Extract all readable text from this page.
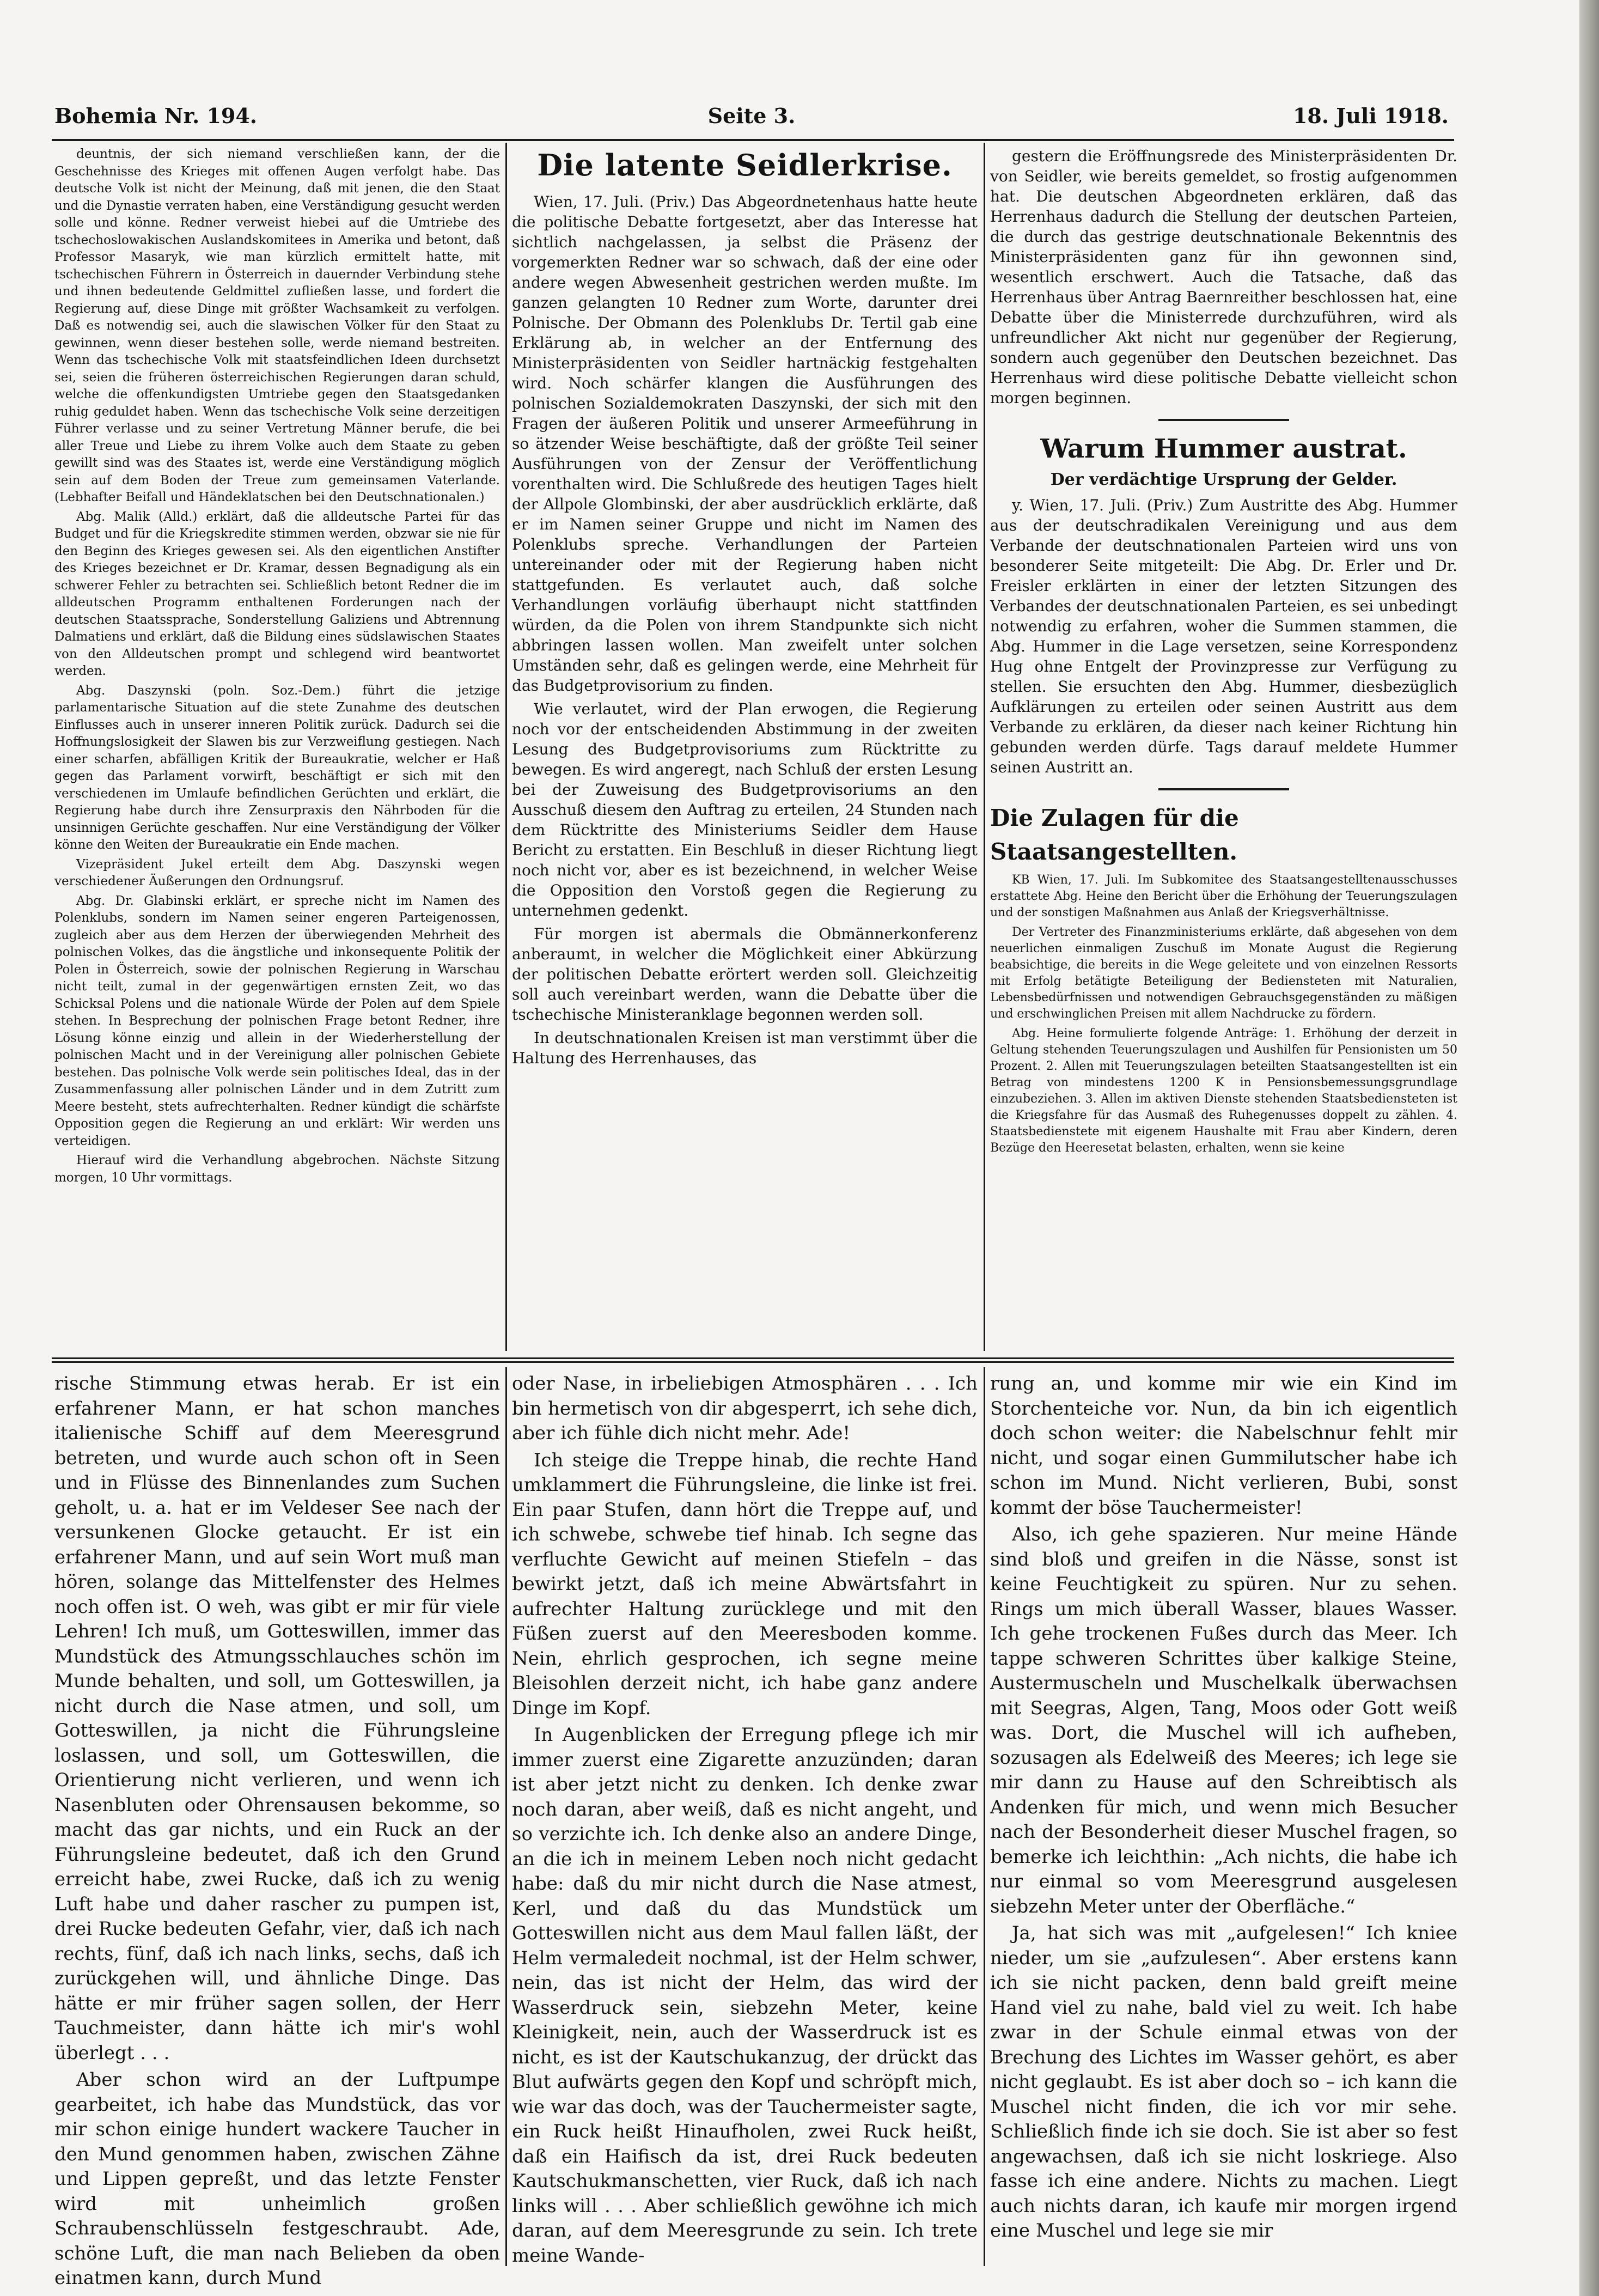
Bohemia Nr. 194.	Seite 3.	18. Juli 1918.

deuntnis, der sich niemand verschließen kann, der die Geschehnisse des Krieges mit offenen Augen verfolgt habe. Das deutsche Volk ist nicht der Meinung, daß mit jenen, die den Staat und die Dynastie verraten haben, eine Verständigung gesucht werden solle und könne. Redner verweist hiebei auf die Umtriebe des tschechoslowakischen Auslandskomitees in Amerika und betont, daß Professor Masaryk, wie man kürzlich ermittelt hatte, mit tschechischen Führern in Österreich in dauernder Verbindung stehe und ihnen bedeutende Geldmittel zufließen lasse, und fordert die Regierung auf, diese Dinge mit größter Wachsamkeit zu verfolgen. Daß es notwendig sei, auch die slawischen Völker für den Staat zu gewinnen, wenn dieser bestehen solle, werde niemand bestreiten. Wenn das tschechische Volk mit staatsfeindlichen Ideen durchsetzt sei, seien die früheren österreichischen Regierungen daran schuld, welche die offenkundigsten Umtriebe gegen den Staatsgedanken ruhig geduldet haben. Wenn das tschechische Volk seine derzeitigen Führer verlasse und zu seiner Vertretung Männer berufe, die bei aller Treue und Liebe zu ihrem Volke auch dem Staate zu geben gewillt sind was des Staates ist, werde eine Verständigung möglich sein auf dem Boden der Treue zum gemeinsamen Vaterlande. (Lebhafter Beifall und Händeklatschen bei den Deutschnationalen.)

Abg. Malik (Alld.) erklärt, daß die alldeutsche Partei für das Budget und für die Kriegskredite stimmen werden, obzwar sie nie für den Beginn des Krieges gewesen sei. Als den eigentlichen Anstifter des Krieges bezeichnet er Dr. Kramar, dessen Begnadigung als ein schwerer Fehler zu betrachten sei. Schließlich betont Redner die im alldeutschen Programm enthaltenen Forderungen nach der deutschen Staatssprache, Sonderstellung Galiziens und Abtrennung Dalmatiens und erklärt, daß die Bildung eines südslawischen Staates von den Alldeutschen prompt und schlegend wird beantwortet werden.

Abg. Daszynski (poln. Soz.-Dem.) führt die jetzige parlamentarische Situation auf die stete Zunahme des deutschen Einflusses auch in unserer inneren Politik zurück. Dadurch sei die Hoffnungslosigkeit der Slawen bis zur Verzweiflung gestiegen. Nach einer scharfen, abfälligen Kritik der Bureaukratie, welcher er Haß gegen das Parlament vorwirft, beschäftigt er sich mit den verschiedenen im Umlaufe befindlichen Gerüchten und erklärt, die Regierung habe durch ihre Zensurpraxis den Nährboden für die unsinnigen Gerüchte geschaffen. Nur eine Verständigung der Völker könne den Weiten der Bureaukratie ein Ende machen.

Vizepräsident Jukel erteilt dem Abg. Daszynski wegen verschiedener Äußerungen den Ordnungsruf.

Abg. Dr. Glabinski erklärt, er spreche nicht im Namen des Polenklubs, sondern im Namen seiner engeren Parteigenossen, zugleich aber aus dem Herzen der überwiegenden Mehrheit des polnischen Volkes, das die ängstliche und inkonsequente Politik der Polen in Österreich, sowie der polnischen Regierung in Warschau nicht teilt, zumal in der gegenwärtigen ernsten Zeit, wo das Schicksal Polens und die nationale Würde der Polen auf dem Spiele stehen. In Besprechung der polnischen Frage betont Redner, ihre Lösung könne einzig und allein in der Wiederherstellung der polnischen Macht und in der Vereinigung aller polnischen Gebiete bestehen. Das polnische Volk werde sein politisches Ideal, das in der Zusammenfassung aller polnischen Länder und in dem Zutritt zum Meere besteht, stets aufrechterhalten. Redner kündigt die schärfste Opposition gegen die Regierung an und erklärt: Wir werden uns verteidigen.

Hierauf wird die Verhandlung abgebrochen. Nächste Sitzung morgen, 10 Uhr vormittags.

Die latente Seidlerkrise.

Wien, 17. Juli. (Priv.) Das Abgeordnetenhaus hatte heute die politische Debatte fortgesetzt, aber das Interesse hat sichtlich nachgelassen, ja selbst die Präsenz der vorgemerkten Redner war so schwach, daß der eine oder andere wegen Abwesenheit gestrichen werden mußte. Im ganzen gelangten 10 Redner zum Worte, darunter drei Polnische. Der Obmann des Polenklubs Dr. Tertil gab eine Erklärung ab, in welcher an der Entfernung des Ministerpräsidenten von Seidler hartnäckig festgehalten wird. Noch schärfer klangen die Ausführungen des polnischen Sozialdemokraten Daszynski, der sich mit den Fragen der äußeren Politik und unserer Armeeführung in so ätzender Weise beschäftigte, daß der größte Teil seiner Ausführungen von der Zensur der Veröffentlichung vorenthalten wird. Die Schlußrede des heutigen Tages hielt der Allpole Glombinski, der aber ausdrücklich erklärte, daß er im Namen seiner Gruppe und nicht im Namen des Polenklubs spreche. Verhandlungen der Parteien untereinander oder mit der Regierung haben nicht stattgefunden. Es verlautet auch, daß solche Verhandlungen vorläufig überhaupt nicht stattfinden würden, da die Polen von ihrem Standpunkte sich nicht abbringen lassen wollen. Man zweifelt unter solchen Umständen sehr, daß es gelingen werde, eine Mehrheit für das Budgetprovisorium zu finden.

Wie verlautet, wird der Plan erwogen, die Regierung noch vor der entscheidenden Abstimmung in der zweiten Lesung des Budgetprovisoriums zum Rücktritte zu bewegen. Es wird angeregt, nach Schluß der ersten Lesung bei der Zuweisung des Budgetprovisoriums an den Ausschuß diesem den Auftrag zu erteilen, 24 Stunden nach dem Rücktritte des Ministeriums Seidler dem Hause Bericht zu erstatten. Ein Beschluß in dieser Richtung liegt noch nicht vor, aber es ist bezeichnend, in welcher Weise die Opposition den Vorstoß gegen die Regierung zu unternehmen gedenkt.

Für morgen ist abermals die Obmännerkonferenz anberaumt, in welcher die Möglichkeit einer Abkürzung der politischen Debatte erörtert werden soll. Gleichzeitig soll auch vereinbart werden, wann die Debatte über die tschechische Ministeranklage begonnen werden soll.

In deutschnationalen Kreisen ist man verstimmt über die Haltung des Herrenhauses, das

gestern die Eröffnungsrede des Ministerpräsidenten Dr. von Seidler, wie bereits gemeldet, so frostig aufgenommen hat. Die deutschen Abgeordneten erklären, daß das Herrenhaus dadurch die Stellung der deutschen Parteien, die durch das gestrige deutschnationale Bekenntnis des Ministerpräsidenten ganz für ihn gewonnen sind, wesentlich erschwert. Auch die Tatsache, daß das Herrenhaus über Antrag Baernreither beschlossen hat, eine Debatte über die Ministerrede durchzuführen, wird als unfreundlicher Akt nicht nur gegenüber der Regierung, sondern auch gegenüber den Deutschen bezeichnet. Das Herrenhaus wird diese politische Debatte vielleicht schon morgen beginnen.

Warum Hummer austrat.
Der verdächtige Ursprung der Gelder.

y. Wien, 17. Juli. (Priv.) Zum Austritte des Abg. Hummer aus der deutschradikalen Vereinigung und aus dem Verbande der deutschnationalen Parteien wird uns von besonderer Seite mitgeteilt: Die Abg. Dr. Erler und Dr. Freisler erklärten in einer der letzten Sitzungen des Verbandes der deutschnationalen Parteien, es sei unbedingt notwendig zu erfahren, woher die Summen stammen, die Abg. Hummer in die Lage versetzen, seine Korrespondenz Hug ohne Entgelt der Provinzpresse zur Verfügung zu stellen. Sie ersuchten den Abg. Hummer, diesbezüglich Aufklärungen zu erteilen oder seinen Austritt aus dem Verbande zu erklären, da dieser nach keiner Richtung hin gebunden werden dürfe. Tags darauf meldete Hummer seinen Austritt an.

Die Zulagen für die Staatsangestellten.

KB Wien, 17. Juli. Im Subkomitee des Staatsangestelltenausschusses erstattete Abg. Heine den Bericht über die Erhöhung der Teuerungszulagen und der sonstigen Maßnahmen aus Anlaß der Kriegsverhältnisse.

Der Vertreter des Finanzministeriums erklärte, daß abgesehen von dem neuerlichen einmaligen Zuschuß im Monate August die Regierung beabsichtige, die bereits in die Wege geleitete und von einzelnen Ressorts mit Erfolg betätigte Beteiligung der Bediensteten mit Naturalien, Lebensbedürfnissen und notwendigen Gebrauchsgegenständen zu mäßigen und erschwinglichen Preisen mit allem Nachdrucke zu fördern.

Abg. Heine formulierte folgende Anträge: 1. Erhöhung der derzeit in Geltung stehenden Teuerungszulagen und Aushilfen für Pensionisten um 50 Prozent. 2. Allen mit Teuerungszulagen beteilten Staatsangestellten ist ein Betrag von mindestens 1200 K in Pensionsbemessungsgrundlage einzubeziehen. 3. Allen im aktiven Dienste stehenden Staatsbediensteten ist die Kriegsfahre für das Ausmaß des Ruhegenusses doppelt zu zählen. 4. Staatsbedienstete mit eigenem Haushalte mit Frau aber Kindern, deren Bezüge den Heeresetat belasten, erhalten, wenn sie keine

rische Stimmung etwas herab. Er ist ein erfahrener Mann, er hat schon manches italienische Schiff auf dem Meeresgrund betreten, und wurde auch schon oft in Seen und in Flüsse des Binnenlandes zum Suchen geholt, u. a. hat er im Veldeser See nach der versunkenen Glocke getaucht. Er ist ein erfahrener Mann, und auf sein Wort muß man hören, solange das Mittelfenster des Helmes noch offen ist. O weh, was gibt er mir für viele Lehren! Ich muß, um Gotteswillen, immer das Mundstück des Atmungsschlauches schön im Munde behalten, und soll, um Gotteswillen, ja nicht durch die Nase atmen, und soll, um Gotteswillen, ja nicht die Führungsleine loslassen, und soll, um Gotteswillen, die Orientierung nicht verlieren, und wenn ich Nasenbluten oder Ohrensausen bekomme, so macht das gar nichts, und ein Ruck an der Führungsleine bedeutet, daß ich den Grund erreicht habe, zwei Rucke, daß ich zu wenig Luft habe und daher rascher zu pumpen ist, drei Rucke bedeuten Gefahr, vier, daß ich nach rechts, fünf, daß ich nach links, sechs, daß ich zurückgehen will, und ähnliche Dinge. Das hätte er mir früher sagen sollen, der Herr Tauchmeister, dann hätte ich mir's wohl überlegt . . .

Aber schon wird an der Luftpumpe gearbeitet, ich habe das Mundstück, das vor mir schon einige hundert wackere Taucher in den Mund genommen haben, zwischen Zähne und Lippen gepreßt, und das letzte Fenster wird mit unheimlich großen Schraubenschlüsseln festgeschraubt. Ade, schöne Luft, die man nach Belieben da oben einatmen kann, durch Mund

oder Nase, in irbeliebigen Atmosphären . . . Ich bin hermetisch von dir abgesperrt, ich sehe dich, aber ich fühle dich nicht mehr. Ade!

Ich steige die Treppe hinab, die rechte Hand umklammert die Führungsleine, die linke ist frei. Ein paar Stufen, dann hört die Treppe auf, und ich schwebe, schwebe tief hinab. Ich segne das verfluchte Gewicht auf meinen Stiefeln – das bewirkt jetzt, daß ich meine Abwärtsfahrt in aufrechter Haltung zurücklege und mit den Füßen zuerst auf den Meeresboden komme. Nein, ehrlich gesprochen, ich segne meine Bleisohlen derzeit nicht, ich habe ganz andere Dinge im Kopf.

In Augenblicken der Erregung pflege ich mir immer zuerst eine Zigarette anzuzünden; daran ist aber jetzt nicht zu denken. Ich denke zwar noch daran, aber weiß, daß es nicht angeht, und so verzichte ich. Ich denke also an andere Dinge, an die ich in meinem Leben noch nicht gedacht habe: daß du mir nicht durch die Nase atmest, Kerl, und daß du das Mundstück um Gotteswillen nicht aus dem Maul fallen läßt, der Helm vermaledeit nochmal, ist der Helm schwer, nein, das ist nicht der Helm, das wird der Wasserdruck sein, siebzehn Meter, keine Kleinigkeit, nein, auch der Wasserdruck ist es nicht, es ist der Kautschukanzug, der drückt das Blut aufwärts gegen den Kopf und schröpft mich, wie war das doch, was der Tauchermeister sagte, ein Ruck heißt Hinaufholen, zwei Ruck heißt, daß ein Haifisch da ist, drei Ruck bedeuten Kautschukmanschetten, vier Ruck, daß ich nach links will . . . Aber schließlich gewöhne ich mich daran, auf dem Meeresgrunde zu sein. Ich trete meine Wande-

rung an, und komme mir wie ein Kind im Storchenteiche vor. Nun, da bin ich eigentlich doch schon weiter: die Nabelschnur fehlt mir nicht, und sogar einen Gummilutscher habe ich schon im Mund. Nicht verlieren, Bubi, sonst kommt der böse Tauchermeister!

Also, ich gehe spazieren. Nur meine Hände sind bloß und greifen in die Nässe, sonst ist keine Feuchtigkeit zu spüren. Nur zu sehen. Rings um mich überall Wasser, blaues Wasser. Ich gehe trockenen Fußes durch das Meer. Ich tappe schweren Schrittes über kalkige Steine, Austermuscheln und Muschelkalk überwachsen mit Seegras, Algen, Tang, Moos oder Gott weiß was. Dort, die Muschel will ich aufheben, sozusagen als Edelweiß des Meeres; ich lege sie mir dann zu Hause auf den Schreibtisch als Andenken für mich, und wenn mich Besucher nach der Besonderheit dieser Muschel fragen, so bemerke ich leichthin: „Ach nichts, die habe ich nur einmal so vom Meeresgrund ausgelesen siebzehn Meter unter der Oberfläche.“

Ja, hat sich was mit „aufgelesen!“ Ich kniee nieder, um sie „aufzulesen“. Aber erstens kann ich sie nicht packen, denn bald greift meine Hand viel zu nahe, bald viel zu weit. Ich habe zwar in der Schule einmal etwas von der Brechung des Lichtes im Wasser gehört, es aber nicht geglaubt. Es ist aber doch so – ich kann die Muschel nicht finden, die ich vor mir sehe. Schließlich finde ich sie doch. Sie ist aber so fest angewachsen, daß ich sie nicht loskriege. Also fasse ich eine andere. Nichts zu machen. Liegt auch nichts daran, ich kaufe mir morgen irgend eine Muschel und lege sie mir
